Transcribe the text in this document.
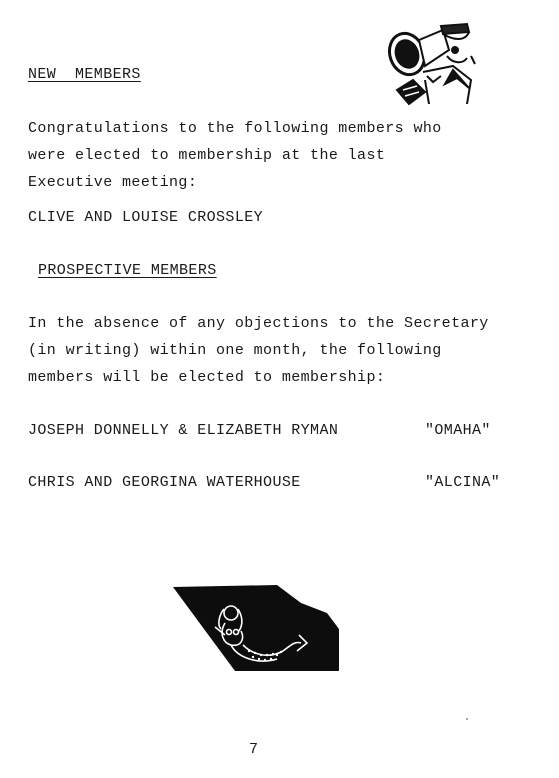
NEW  MEMBERS
Congratulations to the following members who
were elected to membership at the last
Executive meeting:
CLIVE AND LOUISE CROSSLEY
PROSPECTIVE MEMBERS
In the absence of any objections to the Secretary
(in writing) within one month, the following
members will be elected to membership:
JOSEPH DONNELLY & ELIZABETH RYMAN	"OMAHA"
CHRIS AND GEORGINA WATERHOUSE	"ALCINA"
7
